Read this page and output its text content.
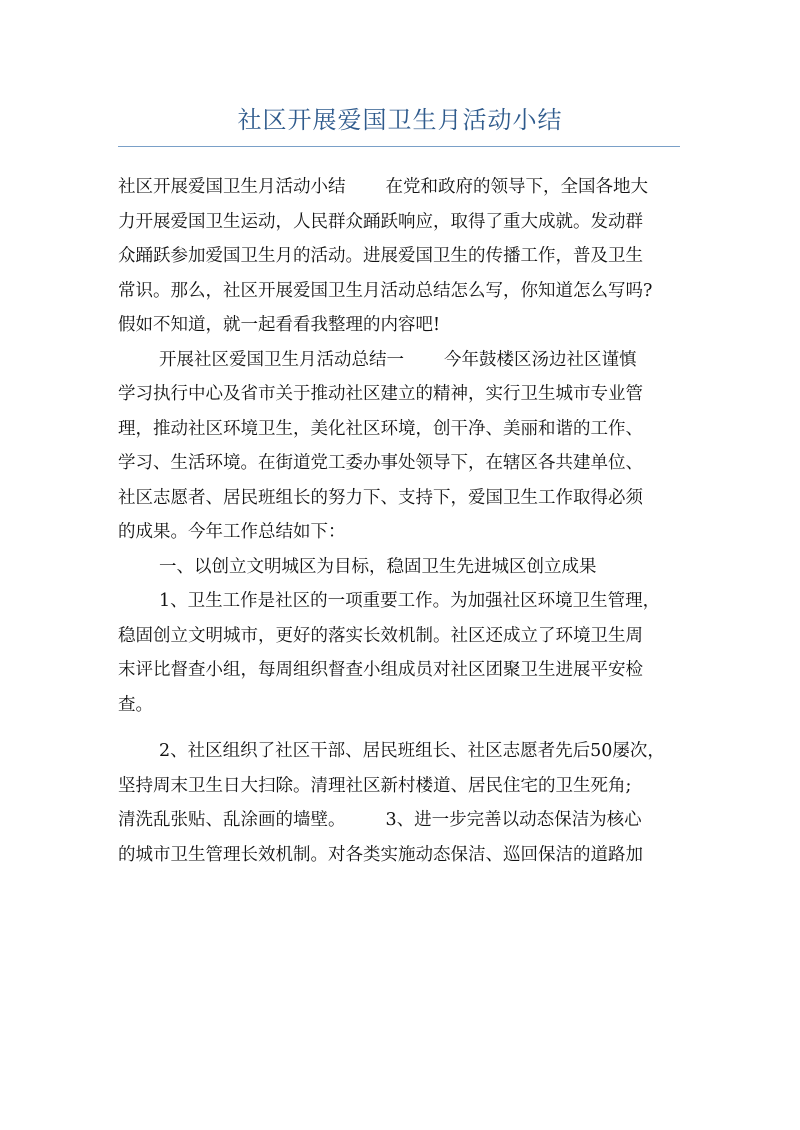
社区开展爱国卫生月活动小结
社区开展爱国卫生月活动小结 在党和政府的领导下，全国各地大
力开展爱国卫生运动，人民群众踊跃响应，取得了重大成就。发动群
众踊跃参加爱国卫生月的活动。进展爱国卫生的传播工作，普及卫生
常识。那么，社区开展爱国卫生月活动总结怎么写，你知道怎么写吗?
假如不知道，就一起看看我整理的内容吧!
开展社区爱国卫生月活动总结一 今年鼓楼区汤边社区谨慎
学习执行中心及省市关于推动社区建立的精神，实行卫生城市专业管
理，推动社区环境卫生，美化社区环境，创干净、美丽和谐的工作、
学习、生活环境。在街道党工委办事处领导下，在辖区各共建单位、
社区志愿者、居民班组长的努力下、支持下，爱国卫生工作取得必须
的成果。今年工作总结如下：
一、以创立文明城区为目标，稳固卫生先进城区创立成果
1、卫生工作是社区的一项重要工作。为加强社区环境卫生管理，
稳固创立文明城市，更好的落实长效机制。社区还成立了环境卫生周
末评比督查小组，每周组织督查小组成员对社区团聚卫生进展平安检
查。
2、社区组织了社区干部、居民班组长、社区志愿者先后50屡次，
坚持周末卫生日大扫除。清理社区新村楼道、居民住宅的卫生死角;
清洗乱张贴、乱涂画的墙壁。 3、进一步完善以动态保洁为核心
的城市卫生管理长效机制。对各类实施动态保洁、巡回保洁的道路加
